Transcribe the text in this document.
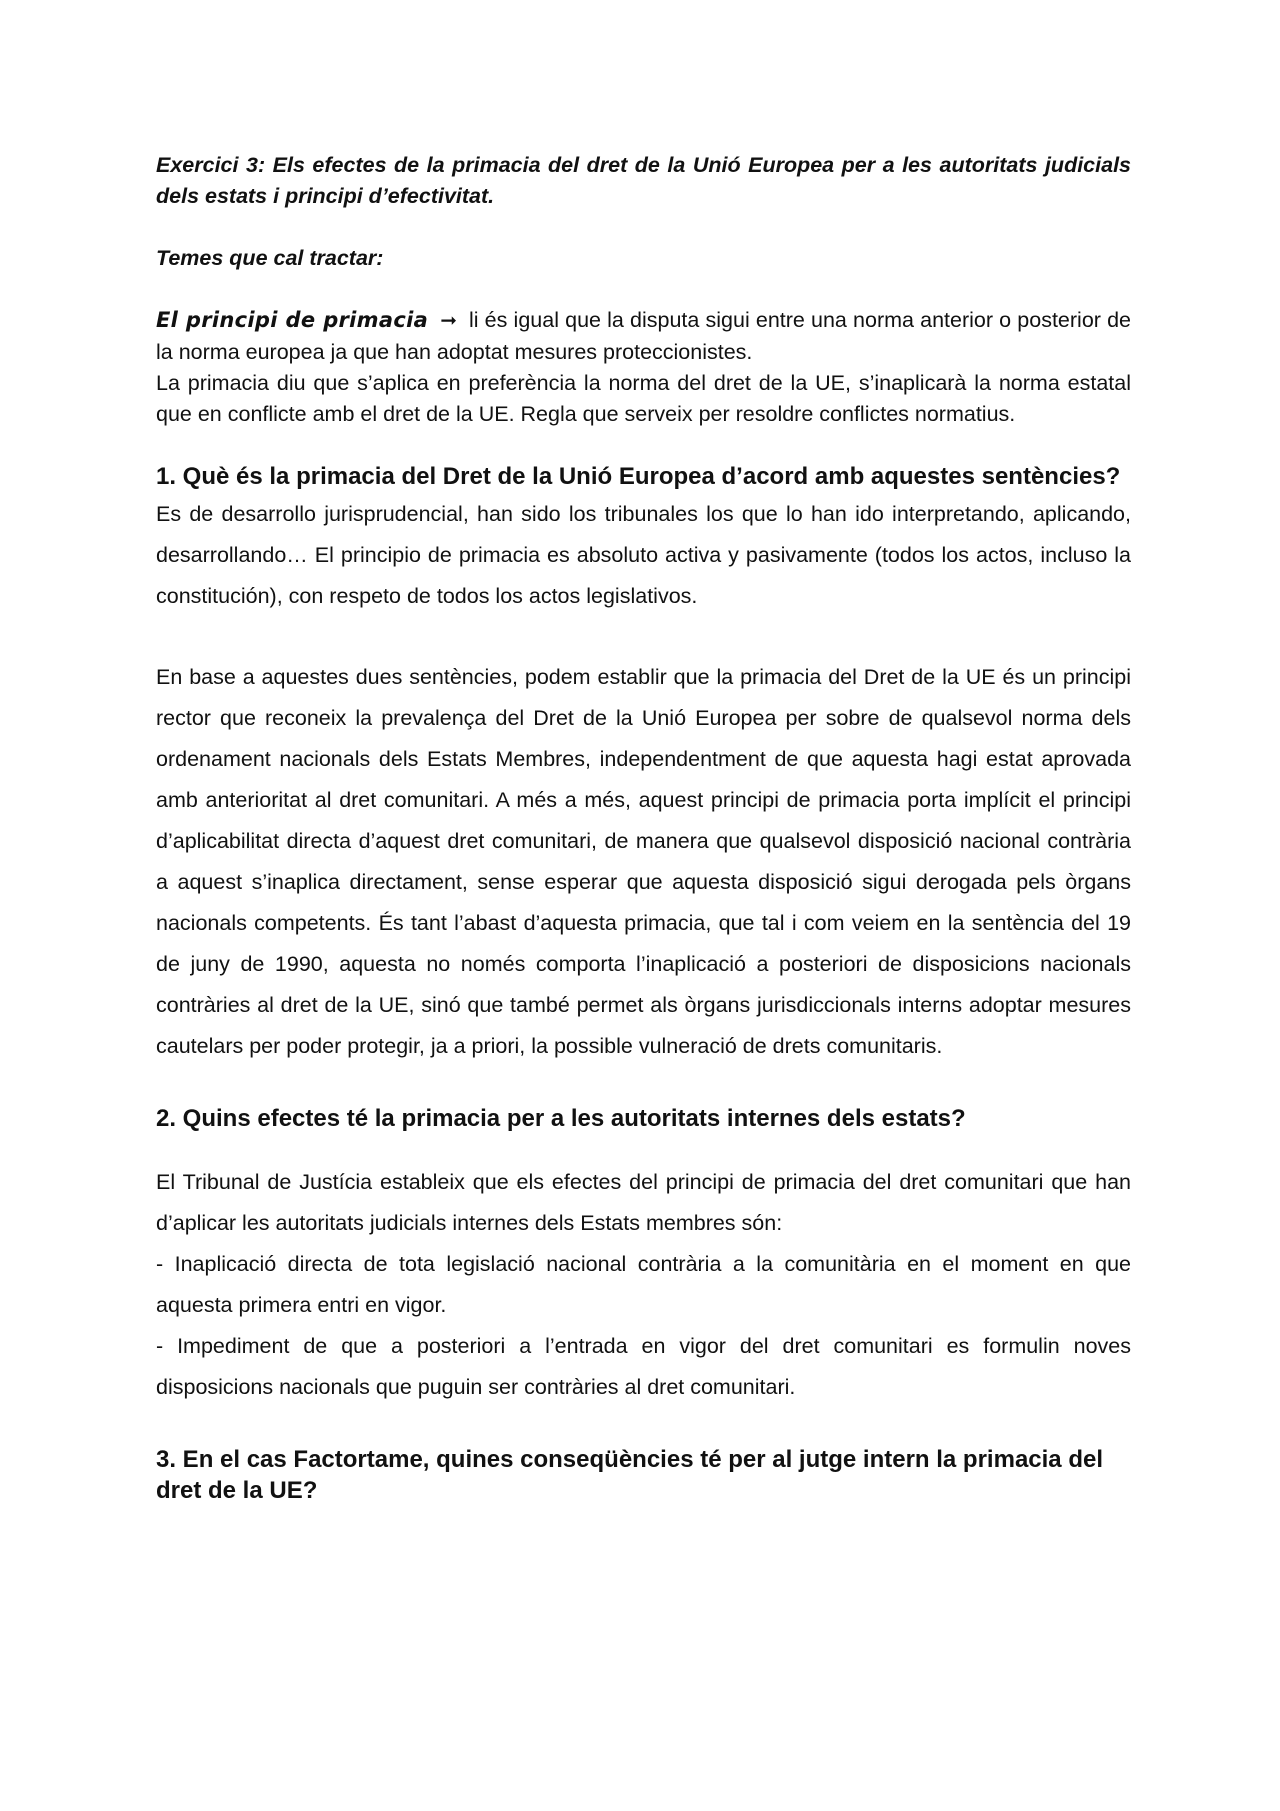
Exercici 3: Els efectes de la primacia del dret de la Unió Europea per a les autoritats judicials dels estats i principi d’efectivitat.

Temes que cal tractar:

El principi de primacia ➞ li és igual que la disputa sigui entre una norma anterior o posterior de la norma europea ja que han adoptat mesures proteccionistes.

La primacia diu que s’aplica en preferència la norma del dret de la UE, s’inaplicarà la norma estatal que en conflicte amb el dret de la UE. Regla que serveix per resoldre conflictes normatius.

1. Què és la primacia del Dret de la Unió Europea d’acord amb aquestes sentències?

Es de desarrollo jurisprudencial, han sido los tribunales los que lo han ido interpretando, aplicando, desarrollando… El principio de primacia es absoluto activa y pasivamente (todos los actos, incluso la constitución), con respeto de todos los actos legislativos.

En base a aquestes dues sentències, podem establir que la primacia del Dret de la UE és un principi rector que reconeix la prevalença del Dret de la Unió Europea per sobre de qualsevol norma dels ordenament nacionals dels Estats Membres, independentment de que aquesta hagi estat aprovada amb anterioritat al dret comunitari. A més a més, aquest principi de primacia porta implícit el principi d’aplicabilitat directa d’aquest dret comunitari, de manera que qualsevol disposició nacional contrària a aquest s’inaplica directament, sense esperar que aquesta disposició sigui derogada pels òrgans nacionals competents. És tant l’abast d’aquesta primacia, que tal i com veiem en la sentència del 19 de juny de 1990, aquesta no només comporta l’inaplicació a posteriori de disposicions nacionals contràries al dret de la UE, sinó que també permet als òrgans jurisdiccionals interns adoptar mesures cautelars per poder protegir, ja a priori, la possible vulneració de drets comunitaris.

2. Quins efectes té la primacia per a les autoritats internes dels estats?

El Tribunal de Justícia estableix que els efectes del principi de primacia del dret comunitari que han d’aplicar les autoritats judicials internes dels Estats membres són:

- Inaplicació directa de tota legislació nacional contrària a la comunitària en el moment en que aquesta primera entri en vigor.

- Impediment de que a posteriori a l’entrada en vigor del dret comunitari es formulin noves disposicions nacionals que puguin ser contràries al dret comunitari.

3. En el cas Factortame, quines conseqüències té per al jutge intern la primacia del dret de la UE?
